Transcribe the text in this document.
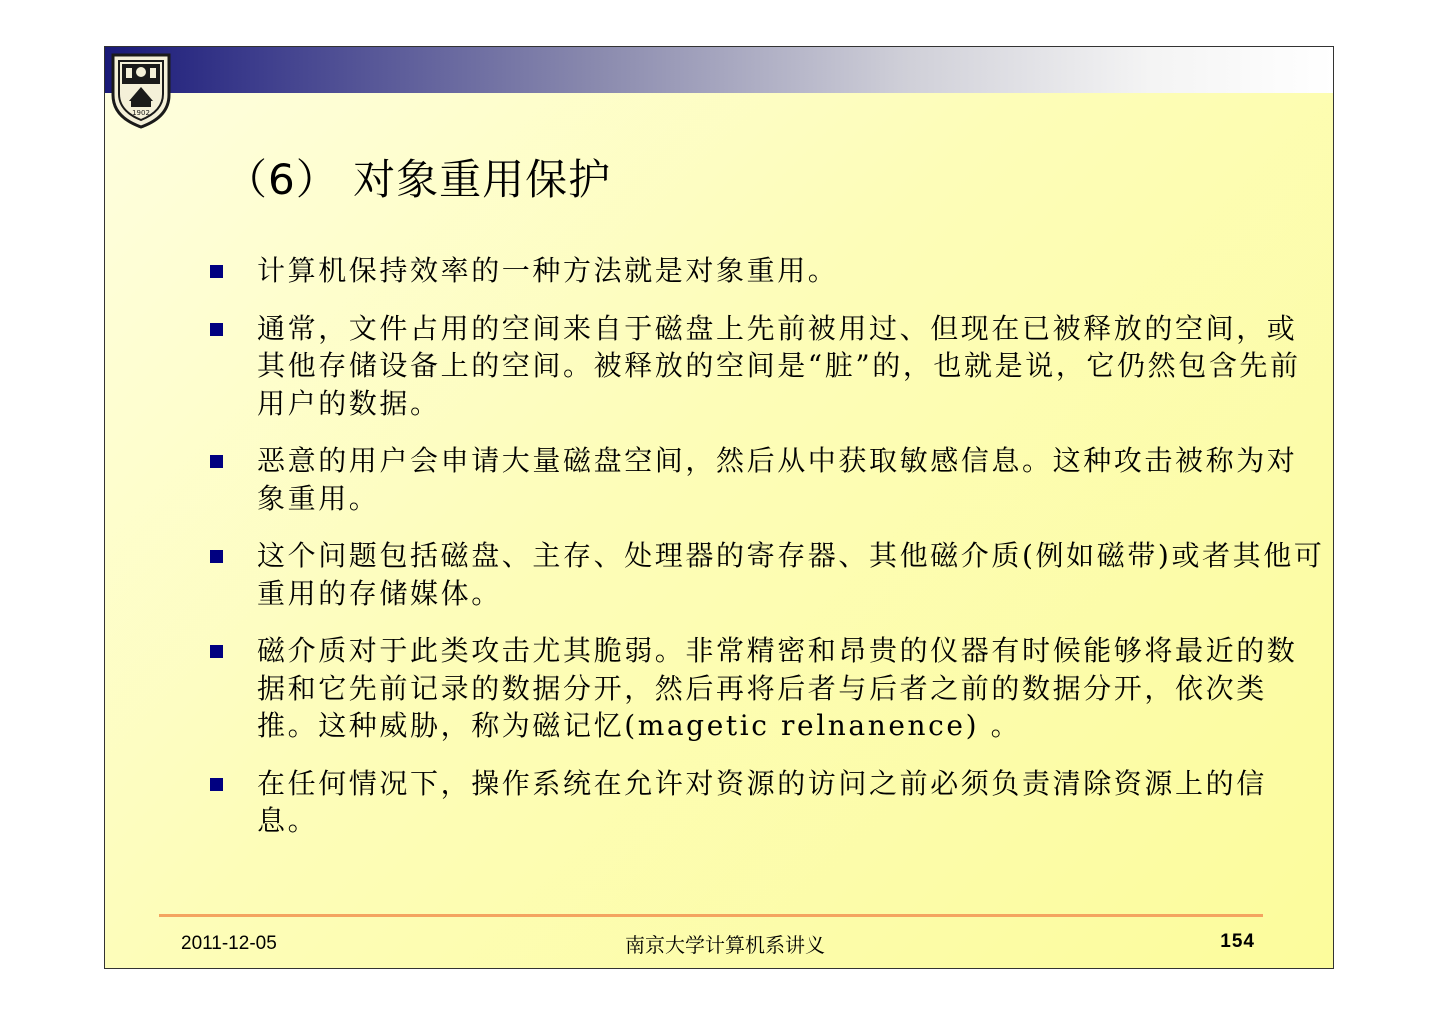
1902
（6） 对象重用保护
计算机保持效率的一种方法就是对象重用。
通常，文件占用的空间来自于磁盘上先前被用过、但现在已被释放的空间，或其他存储设备上的空间。被释放的空间是“脏”的，也就是说，它仍然包含先前用户的数据。
恶意的用户会申请大量磁盘空间，然后从中获取敏感信息。这种攻击被称为对象重用。
这个问题包括磁盘、主存、处理器的寄存器、其他磁介质(例如磁带)或者其他可重用的存储媒体。
磁介质对于此类攻击尤其脆弱。非常精密和昂贵的仪器有时候能够将最近的数据和它先前记录的数据分开，然后再将后者与后者之前的数据分开，依次类推。这种威胁，称为磁记忆(magetic relnanence) 。
在任何情况下，操作系统在允许对资源的访问之前必须负责清除资源上的信息。
2011-12-05	南京大学计算机系讲义	154
